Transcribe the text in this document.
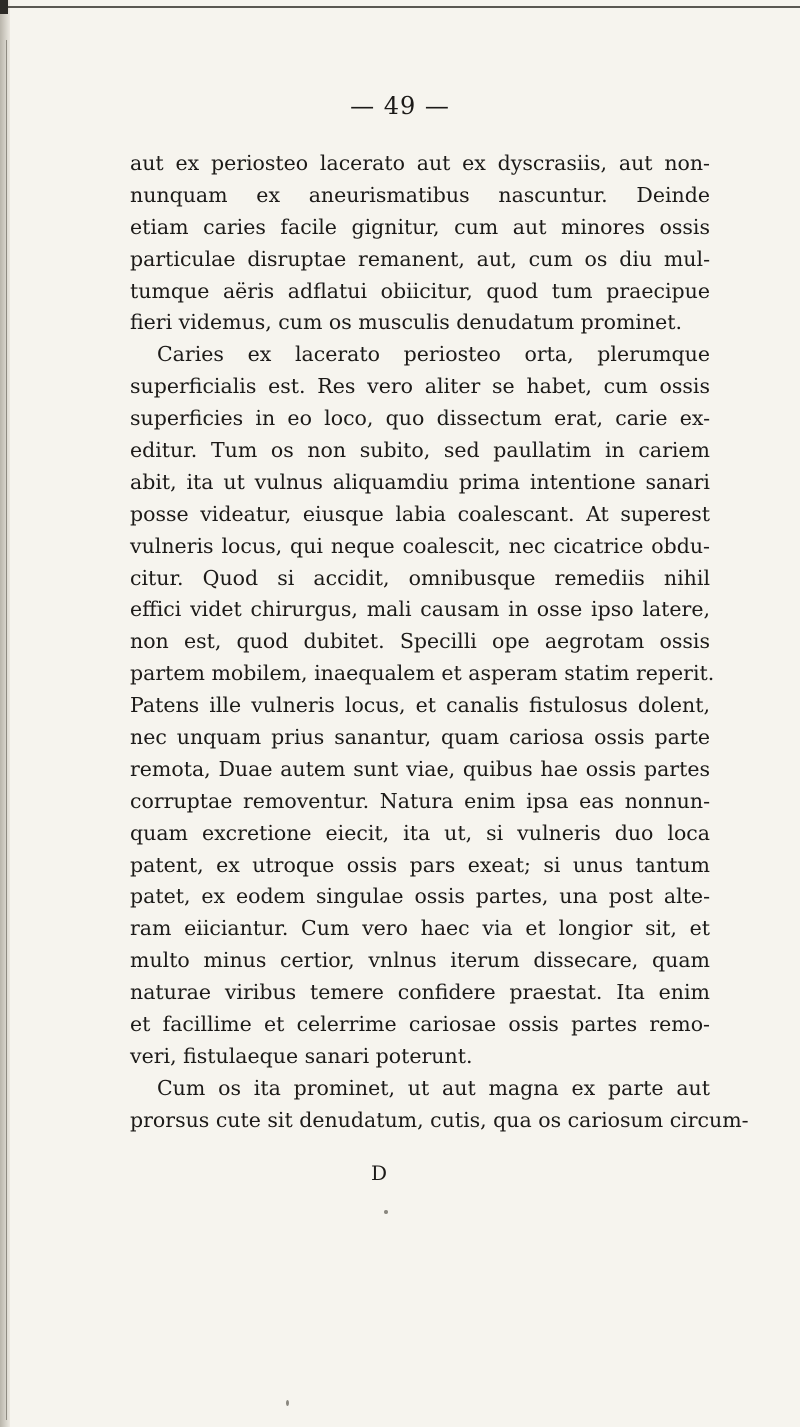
— 49 —
aut ex periosteo lacerato aut ex dyscrasiis, aut non-
nunquam ex aneurismatibus nascuntur. Deinde
etiam caries facile gignitur, cum aut minores ossis
particulae disruptae remanent, aut, cum os diu mul-
tumque aëris adflatui obiicitur, quod tum praecipue
fieri videmus, cum os musculis denudatum prominet.
Caries ex lacerato periosteo orta, plerumque
superficialis est. Res vero aliter se habet, cum ossis
superficies in eo loco, quo dissectum erat, carie ex-
editur. Tum os non subito, sed paullatim in cariem
abit, ita ut vulnus aliquamdiu prima intentione sanari
posse videatur, eiusque labia coalescant. At superest
vulneris locus, qui neque coalescit, nec cicatrice obdu-
citur. Quod si accidit, omnibusque remediis nihil
effici videt chirurgus, mali causam in osse ipso latere,
non est, quod dubitet. Specilli ope aegrotam ossis
partem mobilem, inaequalem et asperam statim reperit.
Patens ille vulneris locus, et canalis fistulosus dolent,
nec unquam prius sanantur, quam cariosa ossis parte
remota, Duae autem sunt viae, quibus hae ossis partes
corruptae removentur. Natura enim ipsa eas nonnun-
quam excretione eiecit, ita ut, si vulneris duo loca
patent, ex utroque ossis pars exeat; si unus tantum
patet, ex eodem singulae ossis partes, una post alte-
ram eiiciantur. Cum vero haec via et longior sit, et
multo minus certior, vnlnus iterum dissecare, quam
naturae viribus temere confidere praestat. Ita enim
et facillime et celerrime cariosae ossis partes remo-
veri, fistulaeque sanari poterunt.
Cum os ita prominet, ut aut magna ex parte aut
prorsus cute sit denudatum, cutis, qua os cariosum circum-
D
